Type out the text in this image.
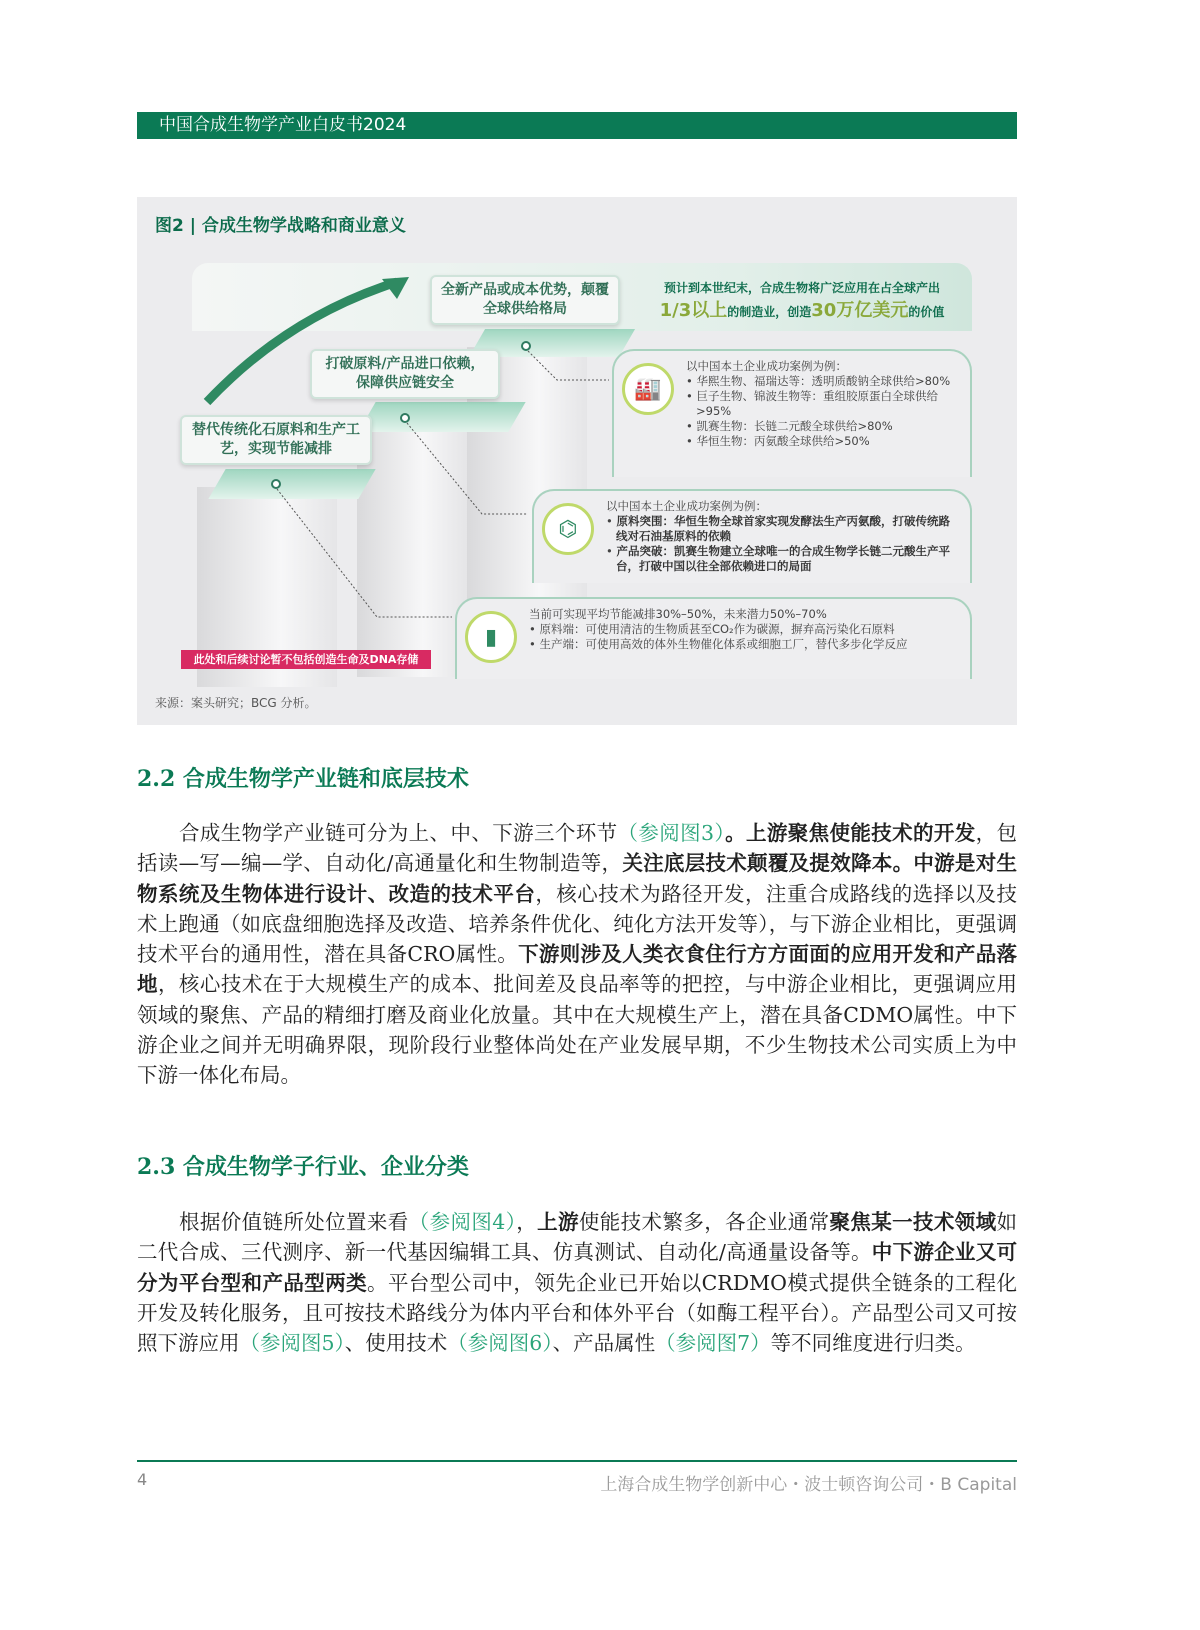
中国合成生物学产业白皮书2024
图2 | 合成生物学战略和商业意义
预计到本世纪末，合成生物将广泛应用在占全球产出
1/3以上的制造业，创造30万亿美元的价值
全新产品或成本优势，颠覆全球供给格局
打破原料/产品进口依赖，保障供应链安全
替代传统化石原料和生产工艺，实现节能减排
🏭
以中国本土企业成功案例为例：
• 华熙生物、福瑞达等：透明质酸钠全球供给>80%
• 巨子生物、锦波生物等：重组胶原蛋白全球供给>95%
• 凯赛生物：长链二元酸全球供给>80%
• 华恒生物：丙氨酸全球供给>50%
⌬
以中国本土企业成功案例为例：
• 原料突围：华恒生物全球首家实现发酵法生产丙氨酸，打破传统路线对石油基原料的依赖
• 产品突破：凯赛生物建立全球唯一的合成生物学长链二元酸生产平台，打破中国以往全部依赖进口的局面
▮
当前可实现平均节能减排30%–50%，未来潜力50%–70%
• 原料端：可使用清洁的生物质甚至CO₂作为碳源，摒弃高污染化石原料
• 生产端：可使用高效的体外生物催化体系或细胞工厂，替代多步化学反应
此处和后续讨论暂不包括创造生命及DNA存储
来源：案头研究；BCG 分析。
2.2 合成生物学产业链和底层技术
合成生物学产业链可分为上、中、下游三个环节（参阅图3）。上游聚焦使能技术的开发，包括读—写—编—学、自动化/高通量化和生物制造等，关注底层技术颠覆及提效降本。中游是对生物系统及生物体进行设计、改造的技术平台，核心技术为路径开发，注重合成路线的选择以及技术上跑通（如底盘细胞选择及改造、培养条件优化、纯化方法开发等），与下游企业相比，更强调技术平台的通用性，潜在具备CRO属性。下游则涉及人类衣食住行方方面面的应用开发和产品落地，核心技术在于大规模生产的成本、批间差及良品率等的把控，与中游企业相比，更强调应用领域的聚焦、产品的精细打磨及商业化放量。其中在大规模生产上，潜在具备CDMO属性。中下游企业之间并无明确界限，现阶段行业整体尚处在产业发展早期，不少生物技术公司实质上为中下游一体化布局。
2.3 合成生物学子行业、企业分类
根据价值链所处位置来看（参阅图4），上游使能技术繁多，各企业通常聚焦某一技术领域如二代合成、三代测序、新一代基因编辑工具、仿真测试、自动化/高通量设备等。中下游企业又可分为平台型和产品型两类。平台型公司中，领先企业已开始以CRDMO模式提供全链条的工程化开发及转化服务，且可按技术路线分为体内平台和体外平台（如酶工程平台）。产品型公司又可按照下游应用（参阅图5）、使用技术（参阅图6）、产品属性（参阅图7）等不同维度进行归类。
4	上海合成生物学创新中心・波士顿咨询公司・B Capital
